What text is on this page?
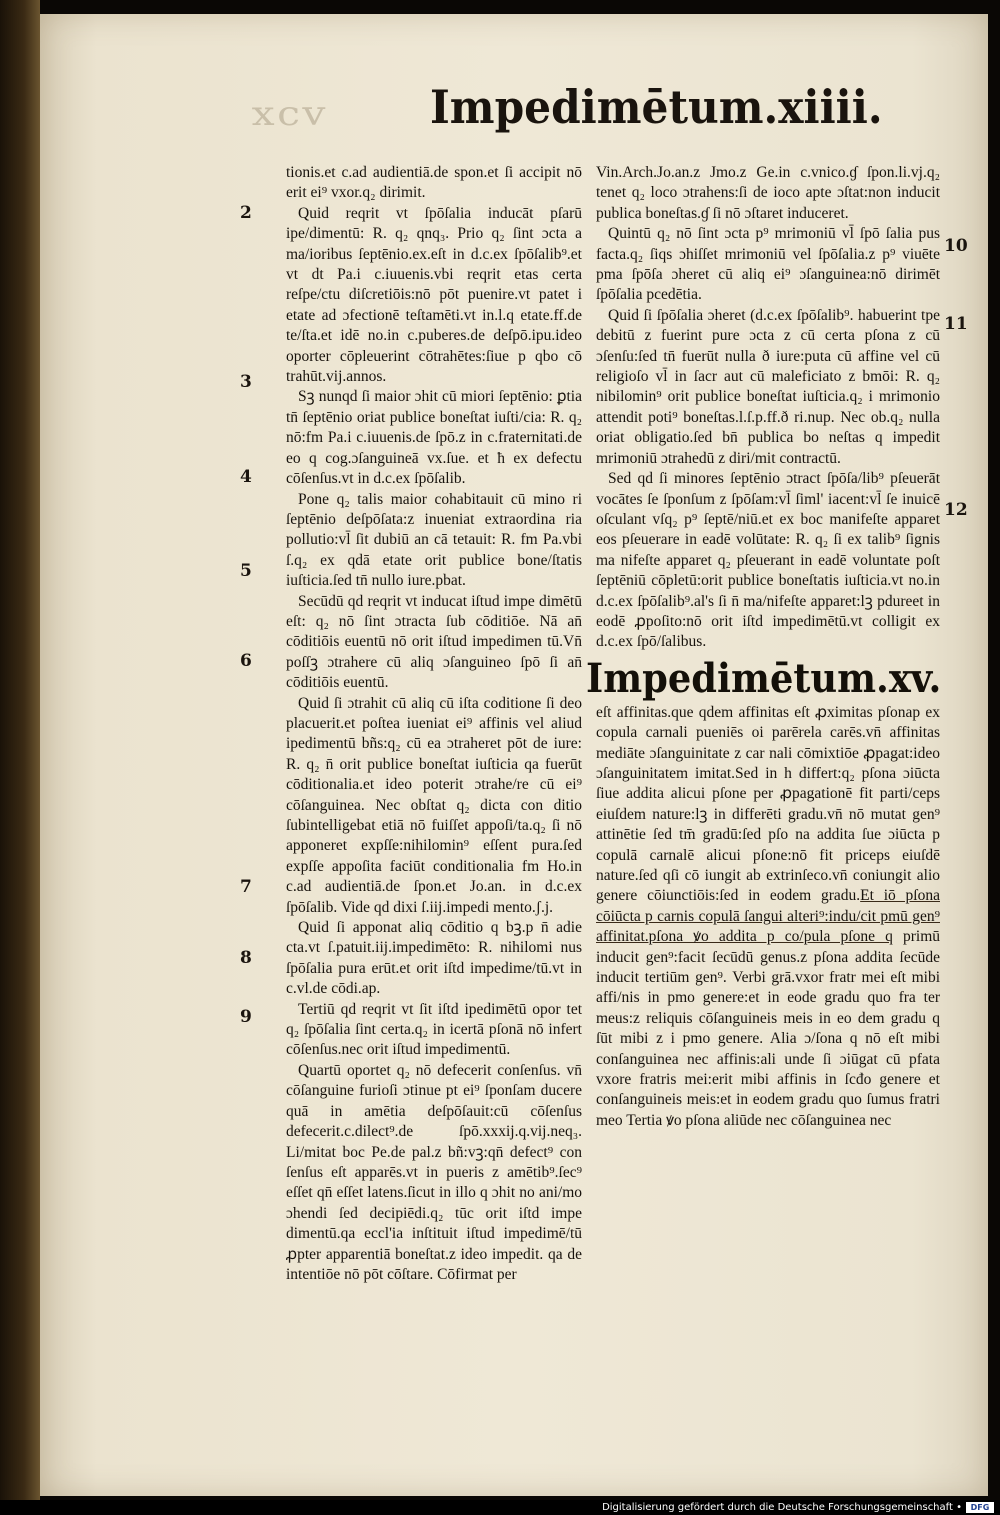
xcv Impedimētum.xiiii.
2
3
4
5
6
7
8
9
10
11
12

tionis.et c.ad audientiā.de spon.et ſi accipit nō erit ei⁹ vxor.q₂ dirimit.

Quid reqrit vt ſpōſalia inducāt pſarū ipe/dimentū: R. q₂ qnq₃. Prio q₂ ſint ɔcta a ma/ioribus ſeptēnio.ex.eſt in d.c.ex ſpōſalib⁹.et vt dt Pa.i c.iuuenis.vbi reqrit etas certa reſpe/ctu diſcretiōis:nō pōt puenire.vt patet i etate ad ɔfectionē teſtamēti.vt in.l.q etate.ff.de te/ſta.et idē no.in c.puberes.de deſpō.ipu.ideo oporter cōpleuerint cōtrahētes:ſiue p qbo cō trahūt.vij.annos.

Sꝫ nunqd ſi maior ɔhit cū miori ſeptēnio: ꝑtia tn̄ ſeptēnio oriat publice boneſtat iuſti/cia: R. q₂ nō:fm Pa.i c.iuuenis.de ſpō.z in c.fraternitati.de eo q cog.ɔſanguineā vx.ſue. et ħ ex defectu cōſenſus.vt in d.c.ex ſpōſalib.

Pone q₂ talis maior cohabitauit cū mino ri ſeptēnio deſpōſata:z inueniat extraordina ria pollutio:vl̄ ſit dubiū an cā tetauit: R. fm Pa.vbi ſ.q₂ ex qdā etate orit publice bone/ſtatis iuſticia.ſed tn̄ nullo iure.pbat.

Secūdū qd reqrit vt inducat iſtud impe dimētū eſt: q₂ nō ſint ɔtracta ſub cōditiōe. Nā an̄ cōditiōis euentū nō orit iſtud impedimen tū.Vn̄ poſſꝫ ɔtrahere cū aliq ɔſanguineo ſpō ſi an̄ cōditiōis euentū.

Quid ſi ɔtrahit cū aliq cū iſta coditione ſi deo placuerit.et poſtea iueniat ei⁹ affinis vel aliud ipedimentū bñs:q₂ cū ea ɔtraheret pōt de iure: R. q₂ n̄ orit publice boneſtat iuſticia qa fuerūt cōditionalia.et ideo poterit ɔtrahe/re cū ei⁹ cōſanguinea. Nec obſtat q₂ dicta con ditio ſubintelligebat etiā nō fuiſſet appoſi/ta.q₂ ſi nō apponeret expſſe:nihilomin⁹ eſſent pura.ſed expſſe appoſita faciūt conditionalia fm Ho.in c.ad audientiā.de ſpon.et Jo.an. in d.c.ex ſpōſalib. Vide qd dixi ſ.iij.impedi mento.ʃ.j.

Quid ſi apponat aliq cōditio q bꝫ.p n̄ adie cta.vt ſ.patuit.iij.impedimēto: R. nihilomi nus ſpōſalia pura erūt.et orit iſtd impedime/tū.vt in c.vl.de cōdi.ap.

Tertiū qd reqrit vt ſit iſtd ipedimētū opor tet q₂ ſpōſalia ſint certa.q₂ in icertā pſonā nō infert cōſenſus.nec orit iſtud impedimentū.

Quartū oportet q₂ nō defecerit conſenſus. vn̄ cōſanguine furioſi ɔtinue pt ei⁹ ſponſam ducere quā in amētia deſpōſauit:cū cōſenſus defecerit.c.dilect⁹.de ſpō.xxxij.q.vij.neq₃. Li/mitat boc Pe.de pal.z bñ:vꝫ:qn̄ defect⁹ con ſenſus eſt apparēs.vt in pueris z amētib⁹.ſec⁹ eſſet qn̄ eſſet latens.ſicut in illo q ɔhit no ani/mo ɔhendi ſed decipiēdi.q₂ tūc orit iſtd impe dimentū.qa eccl'ia inſtituit iſtud impedimē/tū ꝓpter apparentiā boneſtat.z ideo impedit. qa de intentiōe nō pōt cōſtare. Cōfirmat per

Vin.Arch.Jo.an.z Jmo.z Ge.in c.vnico.ɠ ſpon.li.vj.q₂ tenet q₂ loco ɔtrahens:ſi de ioco apte ɔſtat:non inducit publica boneſtas.ɠ ſi nō ɔſtaret induceret.

Quintū q₂ nō ſint ɔcta p⁹ mrimoniū vl̄ ſpō ſalia pus facta.q₂ ſiqs ɔhiſſet mrimoniū vel ſpōſalia.z p⁹ viuēte pma ſpōſa ɔheret cū aliq ei⁹ ɔſanguinea:nō dirimēt ſpōſalia pcedētia.

Quid ſi ſpōſalia ɔheret (d.c.ex ſpōſalib⁹. habuerint tpe debitū z fuerint pure ɔcta z cū certa pſona z cū ɔſenſu:ſed tn̄ fuerūt nulla ð iure:puta cū affine vel cū religioſo vl̄ in ſacr aut cū maleficiato z bmōi: R. q₂ nibilomin⁹ orit publice boneſtat iuſticia.q₂ i mrimonio attendit poti⁹ boneſtas.l.ſ.p.ff.ð ri.nup. Nec ob.q₂ nulla oriat obligatio.ſed bn̄ publica bo neſtas q impedit mrimoniū ɔtrahedū z diri/mit contractū.

Sed qd ſi minores ſeptēnio ɔtract ſpōſa/lib⁹ pſeuerāt vocātes ſe ſponſum z ſpōſam:vl̄ ſiml' iacent:vl̄ ſe inuicē oſculant vſq₂ p⁹ ſeptē/niū.et ex boc manifeſte apparet eos pſeuerare in eadē volūtate: R. q₂ ſi ex talib⁹ ſignis ma nifeſte apparet q₂ pſeuerant in eadē voluntate poſt ſeptēniū cōpletū:orit publice boneſtatis iuſticia.vt no.in d.c.ex ſpōſalib⁹.al's ſi n̄ ma/nifeſte apparet:lꝫ pdureet in eodē ꝓpoſito:nō orit iſtd impedimētū.vt colligit ex d.c.ex ſpō/ſalibus.

Impedimētum.xv.

eſt affinitas.que qdem affinitas eſt ꝓximitas pſonap ex copula carnali pueniēs oi parērela carēs.vn̄ affinitas mediāte ɔſanguinitate z car nali cōmixtiōe ꝓpagat:ideo ɔſanguinitatem imitat.Sed in h differt:q₂ pſona ɔiūcta ſiue addita alicui pſone per ꝓpagationē fit parti/ceps eiuſdem nature:lꝫ in differēti gradu.vn̄ nō mutat gen⁹ attinētie ſed tm̄ gradū:ſed pſo na addita ſue ɔiūcta p copulā carnalē alicui pſone:nō fit priceps eiuſdē nature.ſed qſi cō iungit ab extrinſeco.vn̄ coniungit alio genere cōiunctiōis:ſed in eodem gradu.Et iō pſona cōiūcta p carnis copulā ſangui alteri⁹:indu/cit pmū gen⁹ affinitat.pſona ꝟo addita p co/pula pſone q primū inducit gen⁹:facit ſecūdū genus.z pſona addita ſecūde inducit tertiūm gen⁹. Verbi grā.vxor fratr mei eſt mibi affi/nis in pmo genere:et in eode gradu quo fra ter meus:z reliquis cōſanguineis meis in eo dem gradu q ſūt mibi z i pmo genere. Alia ɔ/ſona q nō eſt mibi conſanguinea nec affinis:ali unde ſi ɔiūgat cū pfata vxore fratris mei:erit mibi affinis in ſcđo genere et conſanguineis meis:et in eodem gradu quo ſumus fratri meo Tertia ꝟo pſona aliūde nec cōſanguinea nec

Digitalisierung gefördert durch die Deutsche Forschungsgemeinschaft •	DFG
